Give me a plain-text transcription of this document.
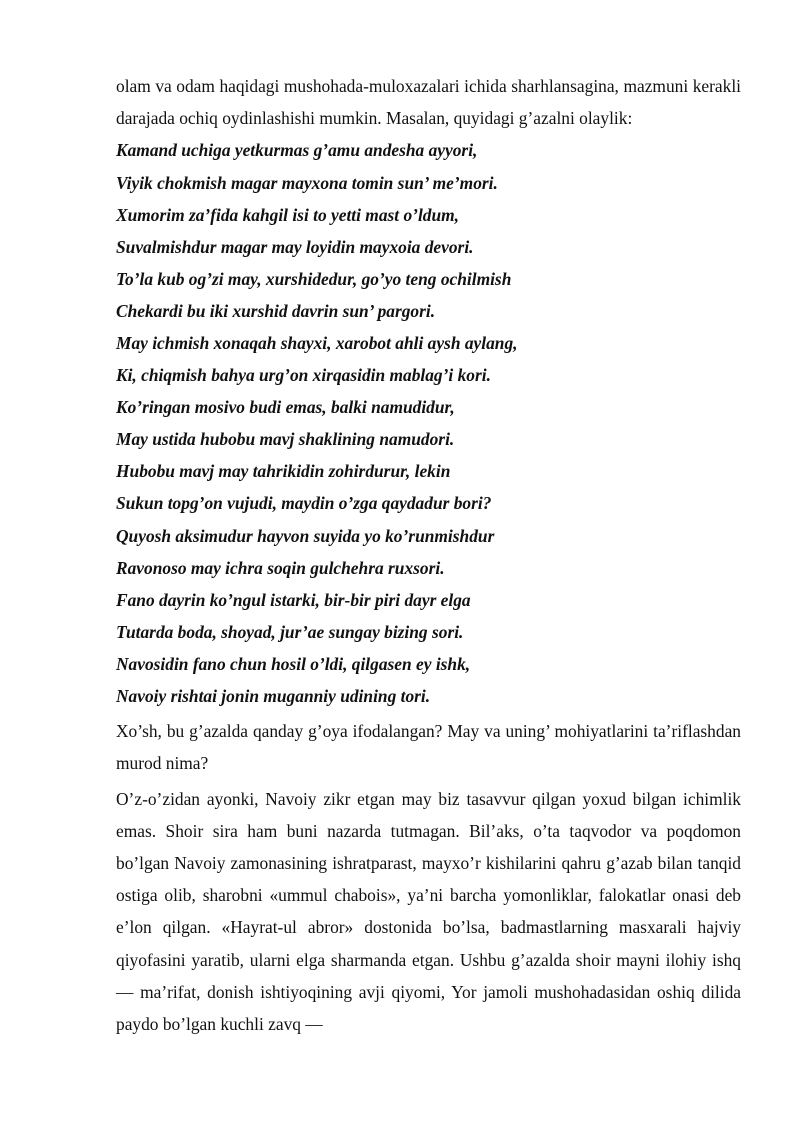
olam va odam haqidagi mushohada-muloxazalari ichida sharhlansagina, mazmuni kerakli darajada ochiq oydinlashishi mumkin. Masalan, quyidagi g’azalni olaylik:

Kamand uchiga yetkurmas g’amu andesha ayyori,

Viyik chokmish magar mayxona tomin sun’ me’mori.

Xumorim za’fida kahgil isi to yetti mast o’ldum,

Suvalmishdur magar may loyidin mayxoia devori.

To’la kub og’zi may, xurshidedur, go’yo teng ochilmish

Chekardi bu iki xurshid davrin sun’ pargori.

May ichmish xonaqah shayxi, xarobot ahli aysh aylang,

Ki, chiqmish bahya urg’on xirqasidin mablag’i kori.

Ko’ringan mosivo budi emas, balki namudidur,

May ustida hubobu mavj shaklining namudori.

Hubobu mavj may tahrikidin zohirdurur, lekin

Sukun topg’on vujudi, maydin o’zga qaydadur bori?

Quyosh aksimudur hayvon suyida yo ko’runmishdur

Ravonoso may ichra soqin gulchehra ruxsori.

Fano dayrin ko’ngul istarki, bir-bir piri dayr elga

Tutarda boda, shoyad, jur’ae sungay bizing sori.

Navosidin fano chun hosil o’ldi, qilgasen ey ishk,

Navoiy rishtai jonin muganniy udining tori.

Xo’sh, bu g’azalda qanday g’oya ifodalangan? May va uning’ mohiyatlarini ta’riflashdan murod nima?

O’z-o’zidan ayonki, Navoiy zikr etgan may biz tasavvur qilgan yoxud bilgan ichimlik emas. Shoir sira ham buni nazarda tutmagan. Bil’aks, o’ta taqvodor va poqdomon bo’lgan Navoiy zamonasining ishratparast, mayxo’r kishilarini qahru g’azab bilan tanqid ostiga olib, sharobni «ummul chabois», ya’ni barcha yomonliklar, falokatlar onasi deb e’lon qilgan. «Hayrat-ul abror» dostonida bo’lsa, badmastlarning masxarali hajviy qiyofasini yaratib, ularni elga sharmanda etgan. Ushbu g’azalda shoir mayni ilohiy ishq — ma’rifat, donish ishtiyoqining avji qiyomi, Yor jamoli mushohadasidan oshiq dilida paydo bo’lgan kuchli zavq —
